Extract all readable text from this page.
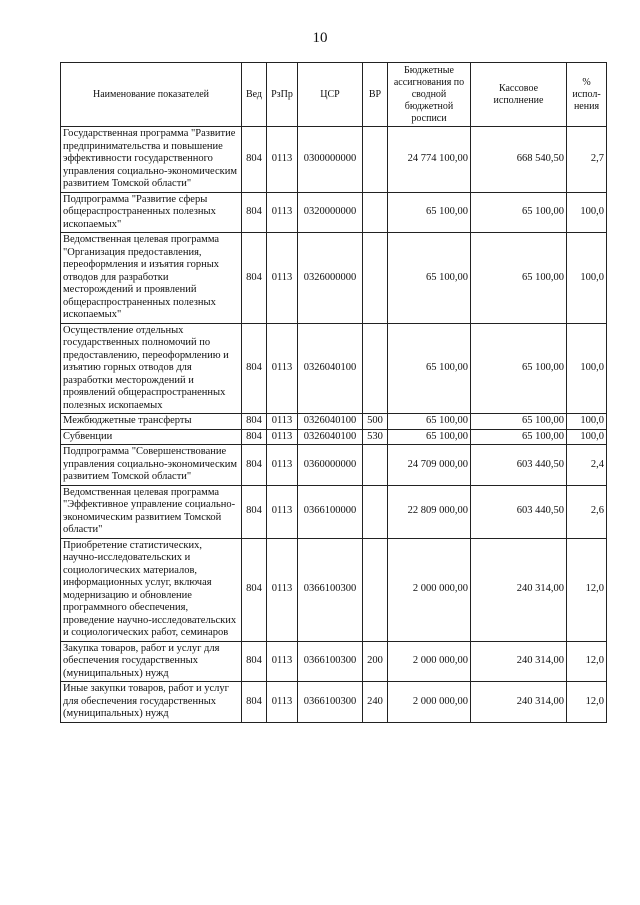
10
Наименование показателей	Вед	РзПр	ЦСР	ВР	Бюджетные ассигнования по сводной бюджетной росписи	Кассовое исполнение	% испол-нения
Государственная программа "Развитие предпринимательства и повышение эффективности государственного управления социально-экономическим развитием Томской области"	804	0113	0300000000		24 774 100,00	668 540,50	2,7
Подпрограмма "Развитие сферы общераспространенных полезных ископаемых"	804	0113	0320000000		65 100,00	65 100,00	100,0
Ведомственная целевая программа "Организация предоставления, переоформления и изъятия горных отводов для разработки месторождений и проявлений общераспространенных полезных ископаемых"	804	0113	0326000000		65 100,00	65 100,00	100,0
Осуществление отдельных государственных полномочий по предоставлению, переоформлению и изъятию горных отводов для разработки месторождений и проявлений общераспространенных полезных ископаемых	804	0113	0326040100		65 100,00	65 100,00	100,0
Межбюджетные трансферты	804	0113	0326040100	500	65 100,00	65 100,00	100,0
Субвенции	804	0113	0326040100	530	65 100,00	65 100,00	100,0
Подпрограмма "Совершенствование управления социально-экономическим развитием Томской области"	804	0113	0360000000		24 709 000,00	603 440,50	2,4
Ведомственная целевая программа "Эффективное управление социально-экономическим развитием Томской области"	804	0113	0366100000		22 809 000,00	603 440,50	2,6
Приобретение статистических, научно-исследовательских и социологических материалов, информационных услуг, включая модернизацию и обновление программного обеспечения, проведение научно-исследовательских и социологических работ, семинаров	804	0113	0366100300		2 000 000,00	240 314,00	12,0
Закупка товаров, работ и услуг для обеспечения государственных (муниципальных) нужд	804	0113	0366100300	200	2 000 000,00	240 314,00	12,0
Иные закупки товаров, работ и услуг для обеспечения государственных (муниципальных) нужд	804	0113	0366100300	240	2 000 000,00	240 314,00	12,0
